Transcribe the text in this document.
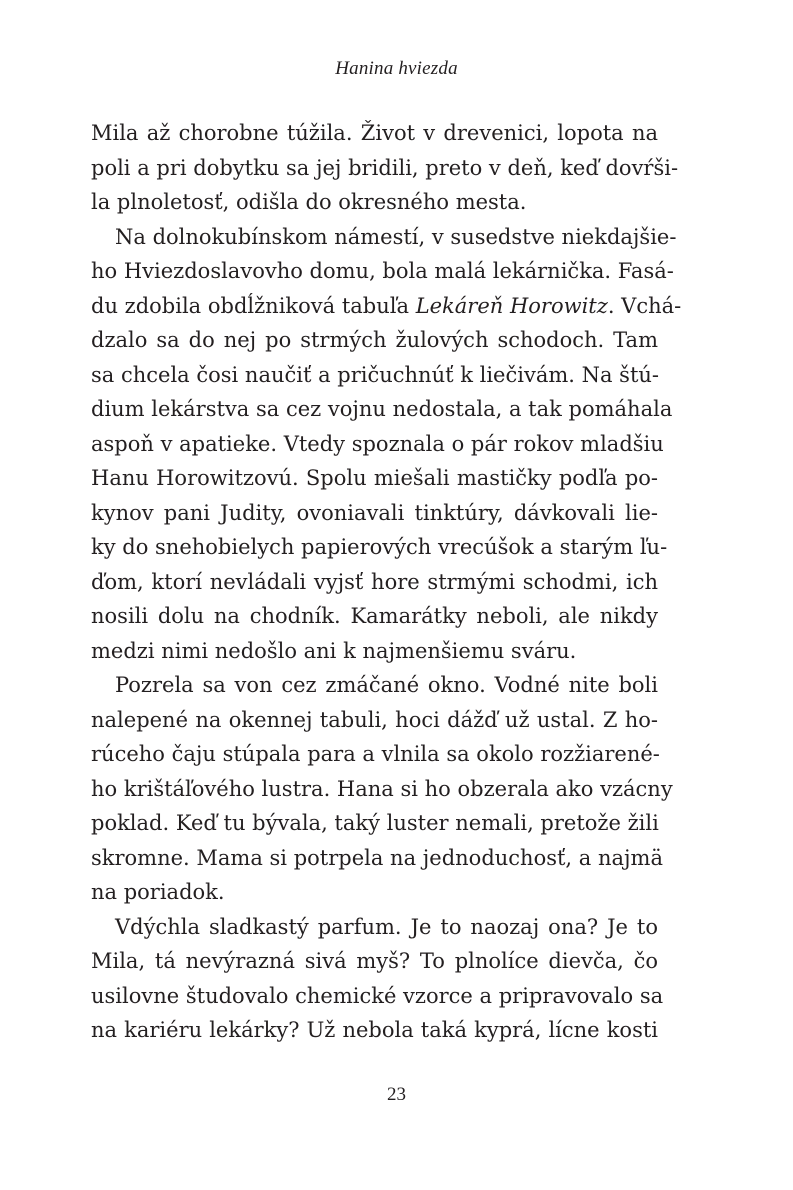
Hanina hviezda
Mila až chorobne túžila. Život v drevenici, lopota na
poli a pri dobytku sa jej bridili, preto v deň, keď dovŕši-
la plnoletosť, odišla do okresného mesta.
Na dolnokubínskom námestí, v susedstve niekdajšie-
ho Hviezdoslavovho domu, bola malá lekárnička. Fasá-
du zdobila obdĺžniková tabuľa Lekáreň Horowitz. Vchá-
dzalo sa do nej po strmých žulových schodoch. Tam
sa chcela čosi naučiť a pričuchnúť k liečivám. Na štú-
dium lekárstva sa cez vojnu nedostala, a tak pomáhala
aspoň v apatieke. Vtedy spoznala o pár rokov mladšiu
Hanu Horowitzovú. Spolu miešali mastičky podľa po-
kynov pani Judity, ovoniavali tinktúry, dávkovali lie-
ky do snehobielych papierových vrecúšok a starým ľu-
ďom, ktorí nevládali vyjsť hore strmými schodmi, ich
nosili dolu na chodník. Kamarátky neboli, ale nikdy
medzi nimi nedošlo ani k najmenšiemu sváru.
Pozrela sa von cez zmáčané okno. Vodné nite boli
nalepené na okennej tabuli, hoci dážď už ustal. Z ho-
rúceho čaju stúpala para a vlnila sa okolo rozžiarené-
ho krištáľového lustra. Hana si ho obzerala ako vzácny
poklad. Keď tu bývala, taký luster nemali, pretože žili
skromne. Mama si potrpela na jednoduchosť, a najmä
na poriadok.
Vdýchla sladkastý parfum. Je to naozaj ona? Je to
Mila, tá nevýrazná sivá myš? To plnolíce dievča, čo
usilovne študovalo chemické vzorce a pripravovalo sa
na kariéru lekárky? Už nebola taká kyprá, lícne kosti
23
